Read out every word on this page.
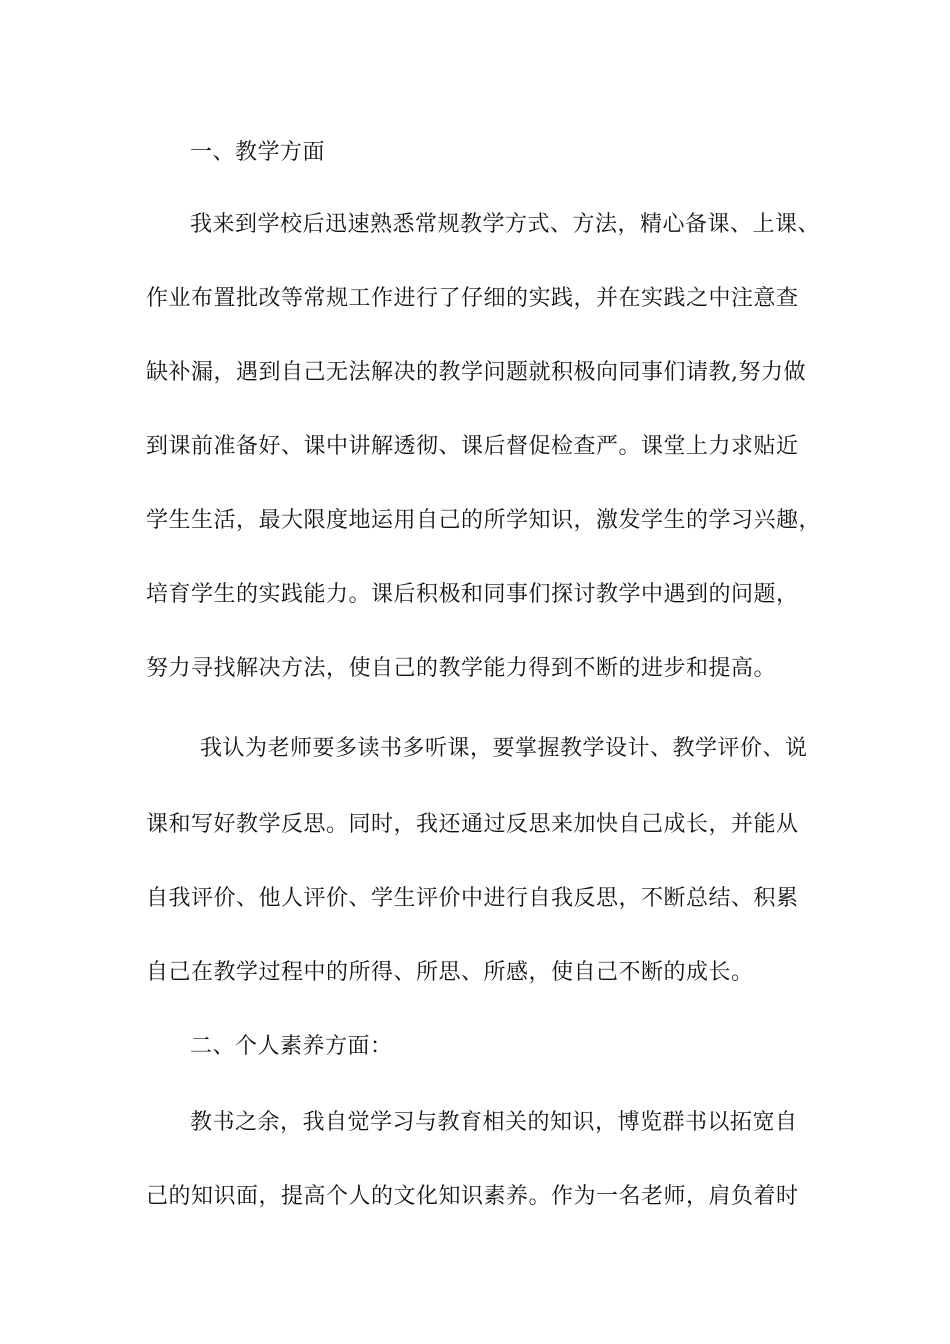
一、教学方面
我来到学校后迅速熟悉常规教学方式、方法，精心备课、上课、
作业布置批改等常规工作进行了仔细的实践，并在实践之中注意查
缺补漏，遇到自己无法解决的教学问题就积极向同事们请教,努力做
到课前准备好、课中讲解透彻、课后督促检查严。课堂上力求贴近
学生生活，最大限度地运用自己的所学知识，激发学生的学习兴趣，
培育学生的实践能力。课后积极和同事们探讨教学中遇到的问题，
努力寻找解决方法，使自己的教学能力得到不断的进步和提高。
我认为老师要多读书多听课，要掌握教学设计、教学评价、说
课和写好教学反思。同时，我还通过反思来加快自己成长，并能从
自我评价、他人评价、学生评价中进行自我反思，不断总结、积累
自己在教学过程中的所得、所思、所感，使自己不断的成长。
二、个人素养方面：
教书之余，我自觉学习与教育相关的知识，博览群书以拓宽自
己的知识面，提高个人的文化知识素养。作为一名老师，肩负着时
